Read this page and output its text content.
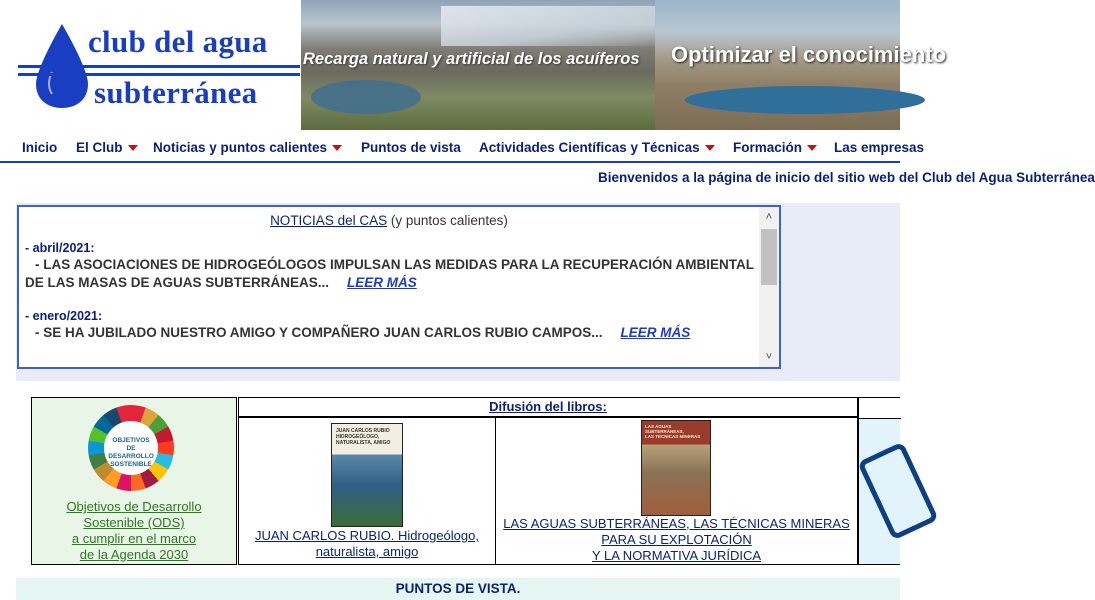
club del agua
subterránea
Recarga natural y artificial de los acuíferos Optimizar el conocimiento
Inicio El Club	Noticias y puntos calientes	Puntos de vista Actividades Científicas y Técnicas	Formación	Las empresas
Bienvenidos a la página de inicio del sitio web del Club del Agua Subterránea
NOTICIAS del CAS (y puntos calientes)
- abril/2021:
- LAS ASOCIACIONES DE HIDROGEÓLOGOS IMPULSAN LAS MEDIDAS PARA LA RECUPERACIÓN AMBIENTAL DE LAS MASAS DE AGUAS SUBTERRÁNEAS... LEER MÁS
- enero/2021:
- SE HA JUBILADO NUESTRO AMIGO Y COMPAÑERO JUAN CARLOS RUBIO CAMPOS... LEER MÁS
˄
˅
OBJETIVOS
DE DESARROLLO
SOSTENIBLE
Objetivos de Desarrollo
Sostenible (ODS)
a cumplir en el marco
de la Agenda 2030
Difusión del libros:
JUAN CARLOS RUBIO
HIDROGEÓLOGO, NATURALISTA, AMIGO
JUAN CARLOS RUBIO. Hidrogeólogo,
naturalista, amigo
LAS AGUAS SUBTERRÁNEAS,
LAS TÉCNICAS MINERAS
LAS AGUAS SUBTERRÁNEAS, LAS TÉCNICAS MINERAS
PARA SU EXPLOTACIÓN
Y LA NORMATIVA JURÍDICA
PUNTOS DE VISTA.
